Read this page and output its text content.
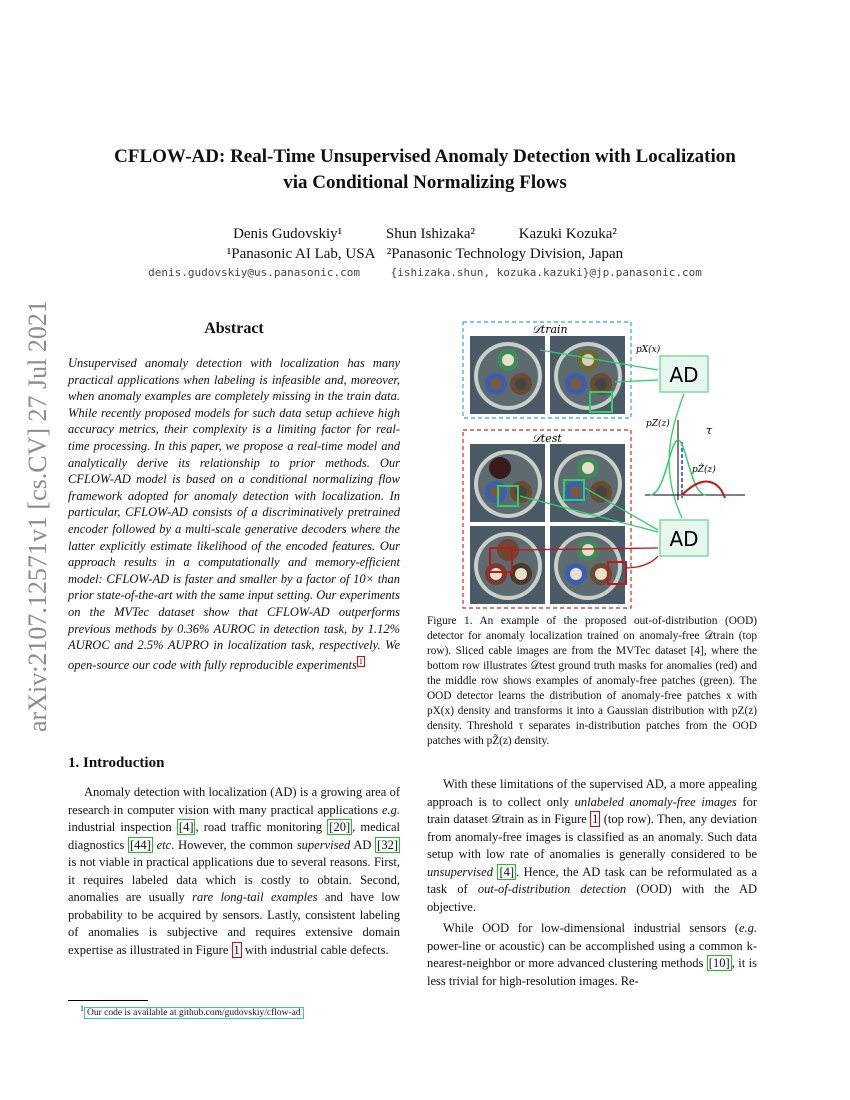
arXiv:2107.12571v1 [cs.CV] 27 Jul 2021
CFLOW-AD: Real-Time Unsupervised Anomaly Detection with Localization
via Conditional Normalizing Flows
Denis Gudovskiy¹	Shun Ishizaka²	Kazuki Kozuka²
¹Panasonic AI Lab, USA ²Panasonic Technology Division, Japan
denis.gudovskiy@us.panasonic.com	{ishizaka.shun, kozuka.kazuki}@jp.panasonic.com
Abstract
Unsupervised anomaly detection with localization has many practical applications when labeling is infeasible and, moreover, when anomaly examples are completely missing in the train data. While recently proposed models for such data setup achieve high accuracy metrics, their complexity is a limiting factor for real-time processing. In this paper, we propose a real-time model and analytically derive its relationship to prior methods. Our CFLOW-AD model is based on a conditional normalizing flow framework adopted for anomaly detection with localization. In particular, CFLOW-AD consists of a discriminatively pretrained encoder followed by a multi-scale generative decoders where the latter explicitly estimate likelihood of the encoded features. Our approach results in a computationally and memory-efficient model: CFLOW-AD is faster and smaller by a factor of 10× than prior state-of-the-art with the same input setting. Our experiments on the MVTec dataset show that CFLOW-AD outperforms previous methods by 0.36% AUROC in detection task, by 1.12% AUROC and 2.5% AUPRO in localization task, respectively. We open-source our code with fully reproducible experiments $^1$
1. Introduction

Anomaly detection with localization (AD) is a growing area of research in computer vision with many practical applications e.g. industrial inspection [4] , road traffic monitoring [20] , medical diagnostics [44] etc. However, the common supervised AD [32] is not viable in practical applications due to several reasons. First, it requires labeled data which is costly to obtain. Second, anomalies are usually rare long-tail examples and have low probability to be acquired by sensors. Lastly, consistent labeling of anomalies is subjective and requires extensive domain expertise as illustrated in Figure 1 with industrial cable defects.

$^1$ Our code is available at github.com/gudovskiy/cflow-ad
𝒟train
𝒟test
pX(x)
pZ(z)	τ
pZ̃(z)
AD
AD
Figure 1. An example of the proposed out-of-distribution (OOD) detector for anomaly localization trained on anomaly-free 𝒟train (top row). Sliced cable images are from the MVTec dataset [4], where the bottom row illustrates 𝒟test ground truth masks for anomalies (red) and the middle row shows examples of anomaly-free patches (green). The OOD detector learns the distribution of anomaly-free patches x with pX(x) density and transforms it into a Gaussian distribution with pZ(z) density. Threshold τ separates in-distribution patches from the OOD patches with pZ̃(z) density.

With these limitations of the supervised AD, a more appealing approach is to collect only unlabeled anomaly-free images for train dataset 𝒟train as in Figure 1 (top row). Then, any deviation from anomaly-free images is classified as an anomaly. Such data setup with low rate of anomalies is generally considered to be unsupervised [4] . Hence, the AD task can be reformulated as a task of out-of-distribution detection (OOD) with the AD objective.

While OOD for low-dimensional industrial sensors (e.g. power-line or acoustic) can be accomplished using a common k-nearest-neighbor or more advanced clustering methods [10] , it is less trivial for high-resolution images. Re-
